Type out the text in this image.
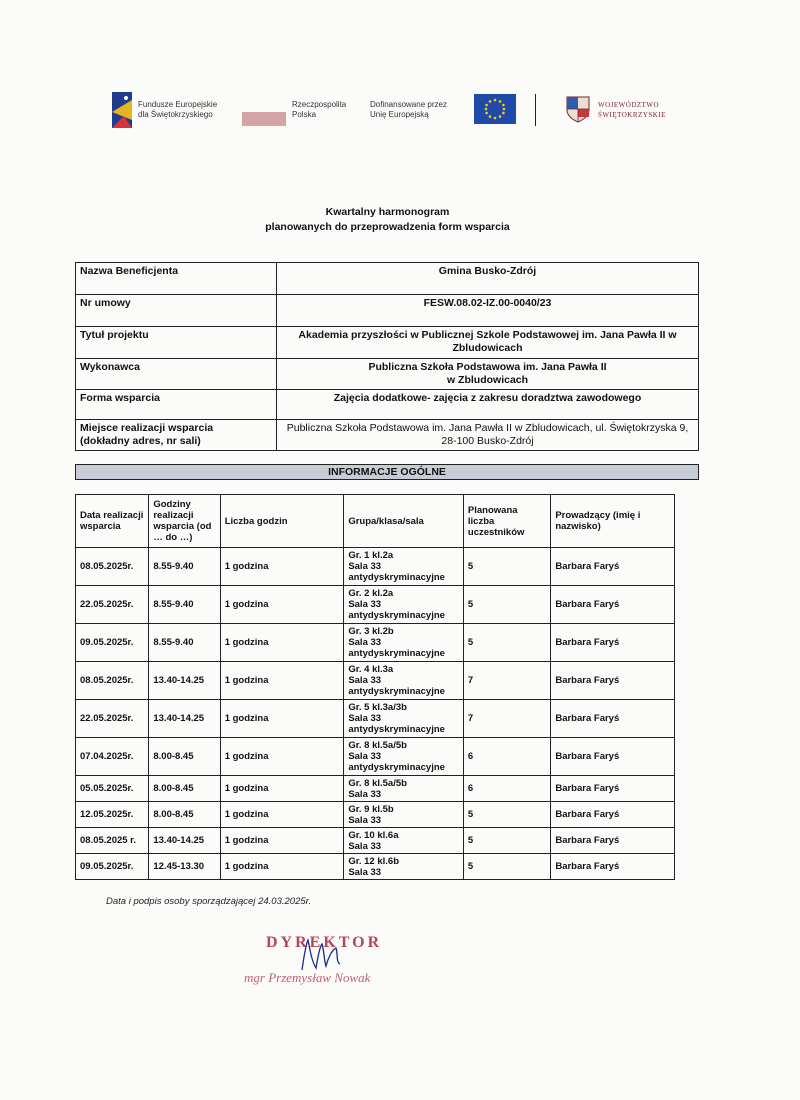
Fundusze Europejskie
dla Świętokrzyskiego
Rzeczpospolita
Polska
Dofinansowane przez
Unię Europejską
WOJEWÓDZTWO
ŚWIĘTOKRZYSKIE
Kwartalny harmonogram
planowanych do przeprowadzenia form wsparcia
Nazwa Beneficjenta	Gmina Busko-Zdrój
Nr umowy	FESW.08.02-IZ.00-0040/23
Tytuł projektu	Akademia przyszłości w Publicznej Szkole Podstawowej im. Jana Pawła II w Zbludowicach
Wykonawca	Publiczna Szkoła Podstawowa im. Jana Pawła II
w Zbludowicach

Forma wsparcia	Zajęcia dodatkowe- zajęcia z zakresu doradztwa zawodowego

Miejsce realizacji wsparcia
(dokładny adres, nr sali)	Publiczna Szkoła Podstawowa im. Jana Pawła II w Zbludowicach, ul. Świętokrzyska 9, 28-100 Busko-Zdrój
INFORMACJE OGÓLNE
Data realizacji wsparcia	Godziny realizacji wsparcia (od … do …)	Liczba godzin	Grupa/klasa/sala	Planowana liczba uczestników	Prowadzący (imię i nazwisko)
08.05.2025r.	8.55-9.40	1 godzina	Gr. 1 kl.2a
Sala 33
antydyskryminacyjne	5	Barbara Faryś
22.05.2025r.	8.55-9.40	1 godzina	Gr. 2 kl.2a
Sala 33
antydyskryminacyjne	5	Barbara Faryś
09.05.2025r.	8.55-9.40	1 godzina	Gr. 3 kl.2b
Sala 33
antydyskryminacyjne	5	Barbara Faryś
08.05.2025r.	13.40-14.25	1 godzina	Gr. 4 kl.3a
Sala 33
antydyskryminacyjne	7	Barbara Faryś
22.05.2025r.	13.40-14.25	1 godzina	Gr. 5 kl.3a/3b
Sala 33
antydyskryminacyjne	7	Barbara Faryś
07.04.2025r.	8.00-8.45	1 godzina	Gr. 8 kl.5a/5b
Sala 33
antydyskryminacyjne	6	Barbara Faryś
05.05.2025r.	8.00-8.45	1 godzina	Gr. 8 kl.5a/5b
Sala 33	6	Barbara Faryś
12.05.2025r.	8.00-8.45	1 godzina	Gr. 9 kl.5b
Sala 33	5	Barbara Faryś
08.05.2025 r.	13.40-14.25	1 godzina	Gr. 10 kl.6a
Sala 33	5	Barbara Faryś
09.05.2025r.	12.45-13.30	1 godzina	Gr. 12 kl.6b
Sala 33	5	Barbara Faryś
Data i podpis osoby sporządzającej 24.03.2025r.
DYREKTOR
mgr Przemysław Nowak
